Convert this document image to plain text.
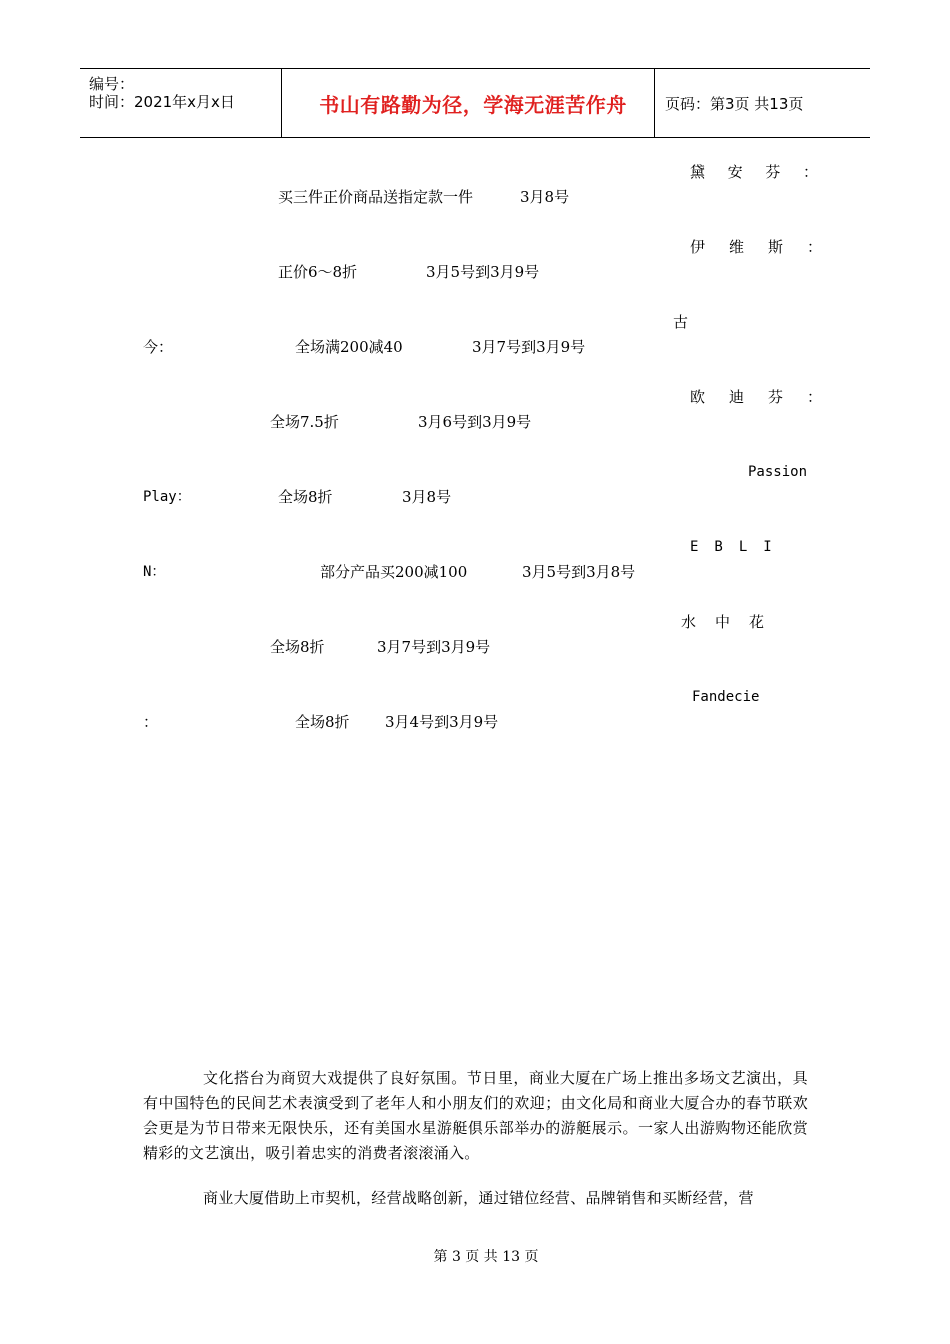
编号：
时间：2021年x月x日	书山有路勤为径，学海无涯苦作舟	页码：第3页 共13页
黛 安 芬 ：
买三件正价商品送指定款一件	3月8号
伊维斯：
正价6～8折	3月5号到3月9号
古
今：	全场满200减40	3月7号到3月9号
欧迪芬：
全场7.5折	3月6号到3月9号
Passion
Play：	全场8折	3月8号
EBLI
N：	部分产品买200减100	3月5号到3月8号
水中花
全场8折	3月7号到3月9号
Fandecie
：	全场8折 3月4号到3月9号
文化搭台为商贸大戏提供了良好氛围。节日里，商业大厦在广场上推出多场文艺演出，具有中国特色的民间艺术表演受到了老年人和小朋友们的欢迎；由文化局和商业大厦合办的春节联欢会更是为节日带来无限快乐，还有美国水星游艇俱乐部举办的游艇展示。一家人出游购物还能欣赏精彩的文艺演出，吸引着忠实的消费者滚滚涌入。
商业大厦借助上市契机，经营战略创新，通过错位经营、品牌销售和买断经营，营
第 3 页 共 13 页
